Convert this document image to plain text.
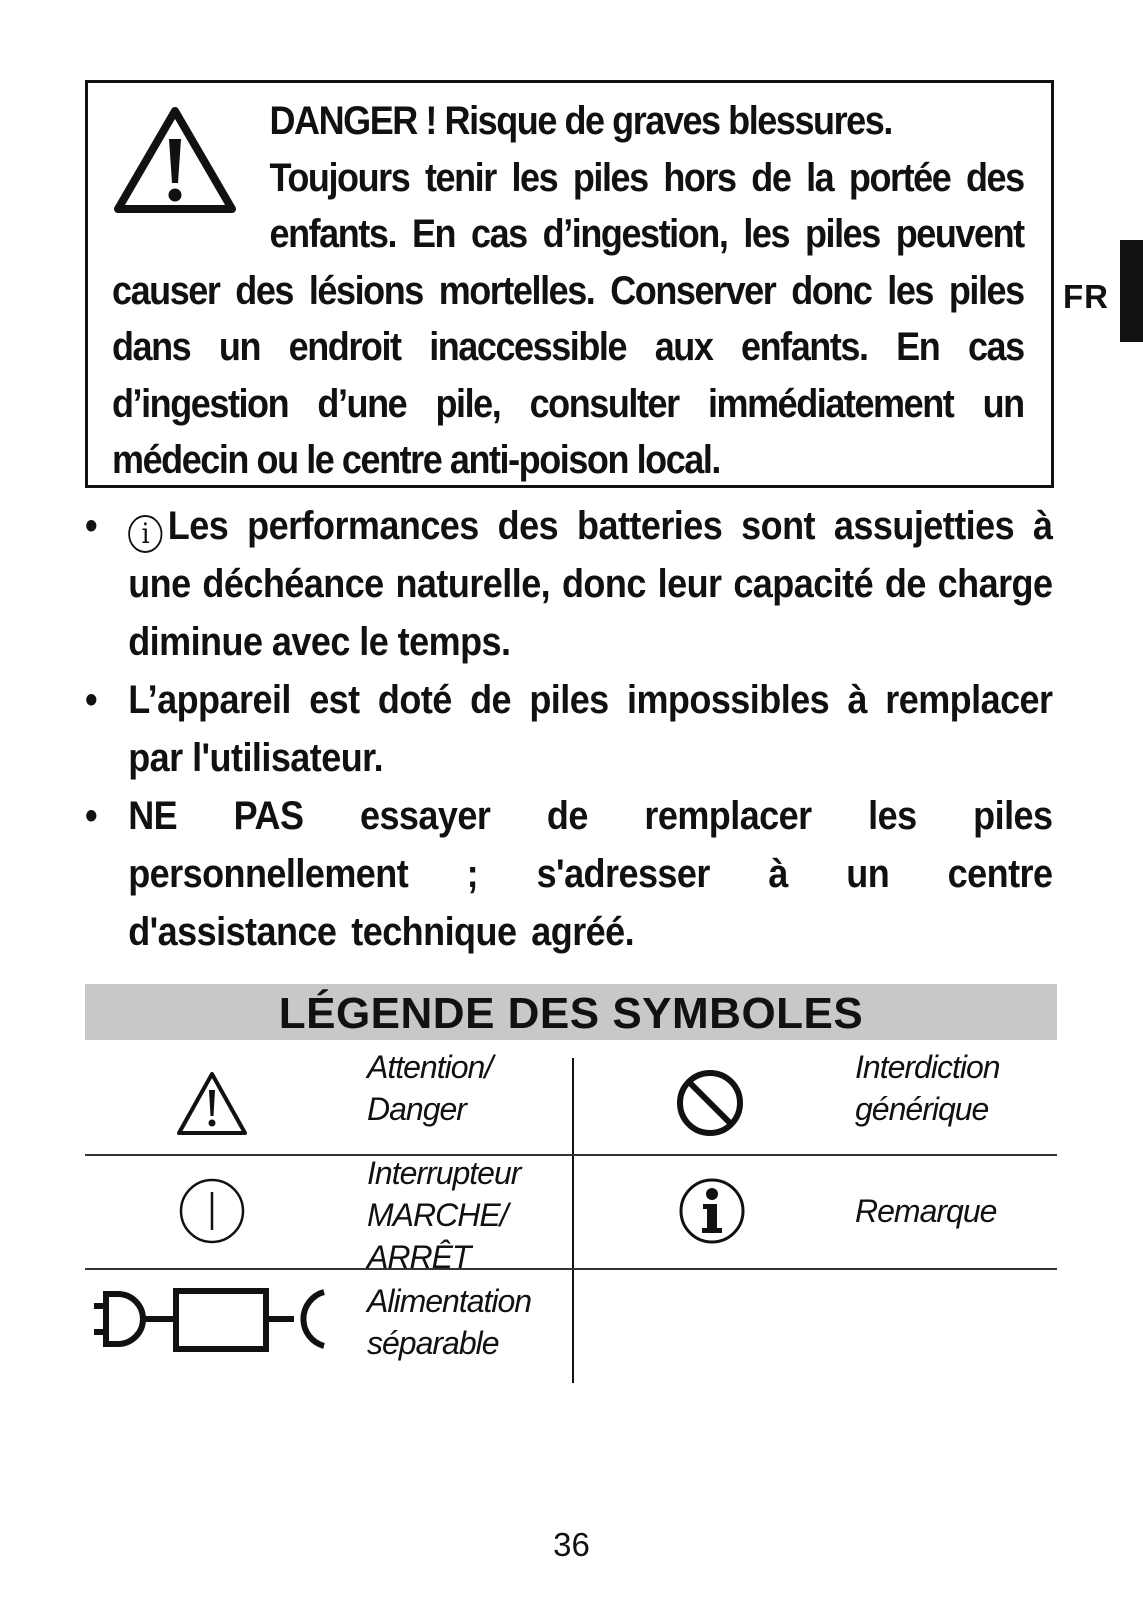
FR
DANGER ! Risque de graves blessures.
Toujours tenir les piles hors de la portée des enfants. En cas d’ingestion, les piles peuvent causer des lésions mortelles. Conserver donc les piles dans un endroit inaccessible aux enfants. En cas d’ingestion d’une pile, consulter immédiatement un médecin ou le centre anti-poison local.
• i Les performances des batteries sont assujetties à une déchéance naturelle, donc leur capacité de charge diminue avec le temps.
• L’appareil est doté de piles impossibles à remplacer par l'utilisateur.
• NE PAS essayer de remplacer les piles personnellement ; s'adresser à un centre d'assistance technique agréé.
LÉGENDE DES SYMBOLES
Attention/
Danger
Interdiction
générique
Interrupteur
MARCHE/
ARRÊT
Remarque
Alimentation
séparable
36
